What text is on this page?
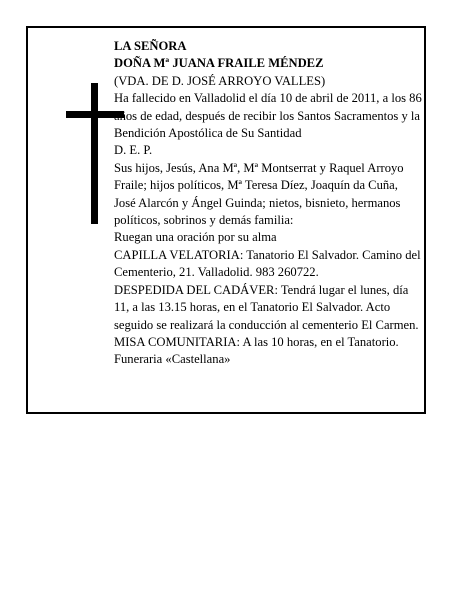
LA SEÑORA

DOÑA Mª JUANA FRAILE MÉNDEZ

(VDA. DE D. JOSÉ ARROYO VALLES)

Ha fallecido en Valladolid el día 10 de abril de 2011, a los 86 años de edad, después de recibir los Santos Sacramentos y la Bendición Apostólica de Su Santidad

D. E. P.

Sus hijos, Jesús, Ana Mª, Mª Montserrat y Raquel Arroyo Fraile; hijos políticos, Mª Teresa Díez, Joaquín da Cuña, José Alarcón y Ángel Guinda; nietos, bisnieto, hermanos políticos, sobrinos y demás familia:

Ruegan una oración por su alma

CAPILLA VELATORIA: Tanatorio El Salvador. Camino del Cementerio, 21. Valladolid. 983 260722.

DESPEDIDA DEL CADÁVER: Tendrá lugar el lunes, día 11, a las 13.15 horas, en el Tanatorio El Salvador. Acto seguido se realizará la conducción al cementerio El Carmen.

MISA COMUNITARIA: A las 10 horas, en el Tanatorio.

Funeraria «Castellana»
